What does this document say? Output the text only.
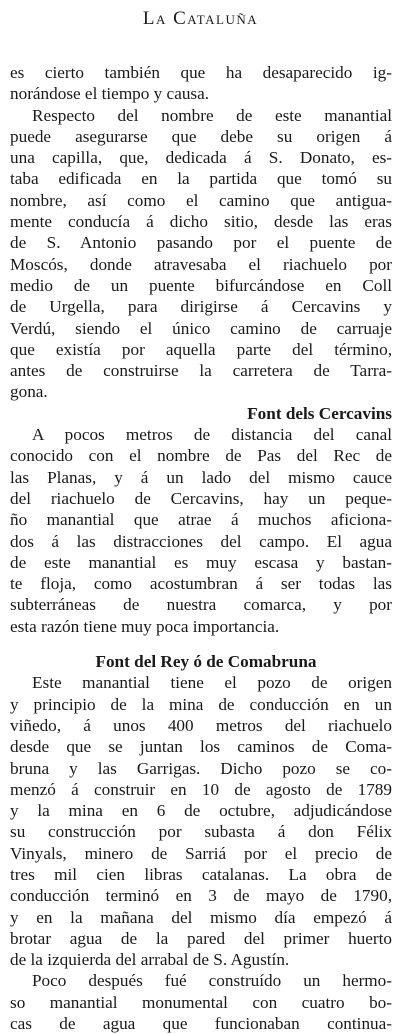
La Cataluña
es cierto también que ha desaparecido ig-
norándose el tiempo y causa.
Respecto del nombre de este manantial
puede asegurarse que debe su origen á
una capilla, que, dedicada á S. Donato, es-
taba edificada en la partida que tomó su
nombre, así como el camino que antigua-
mente conducía á dicho sitio, desde las eras
de S. Antonio pasando por el puente de
Moscós, donde atravesaba el riachuelo por
medio de un puente bifurcándose en Coll
de Urgella, para dirigirse á Cercavins y
Verdú, siendo el único camino de carruaje
que existía por aquella parte del término,
antes de construirse la carretera de Tarra-
gona.
Font dels Cercavins
A pocos metros de distancia del canal
conocido con el nombre de Pas del Rec de
las Planas, y á un lado del mismo cauce
del riachuelo de Cercavins, hay un peque-
ño manantial que atrae á muchos aficiona-
dos á las distracciones del campo. El agua
de este manantial es muy escasa y bastan-
te floja, como acostumbran á ser todas las
subterráneas de nuestra comarca, y por
esta razón tiene muy poca importancia.
Font del Rey ó de Comabruna
Este manantial tiene el pozo de origen
y principio de la mina de conducción en un
viñedo, á unos 400 metros del riachuelo
desde que se juntan los caminos de Coma-
bruna y las Garrigas. Dicho pozo se co-
menzó á construir en 10 de agosto de 1789
y la mina en 6 de octubre, adjudicándose
su construcción por subasta á don Félix
Vinyals, minero de Sarriá por el precio de
tres mil cien libras catalanas. La obra de
conducción terminó en 3 de mayo de 1790,
y en la mañana del mismo día empezó á
brotar agua de la pared del primer huerto
de la izquierda del arrabal de S. Agustín.
Poco después fué construído un hermo-
so manantial monumental con cuatro bo-
cas de agua que funcionaban continua-
